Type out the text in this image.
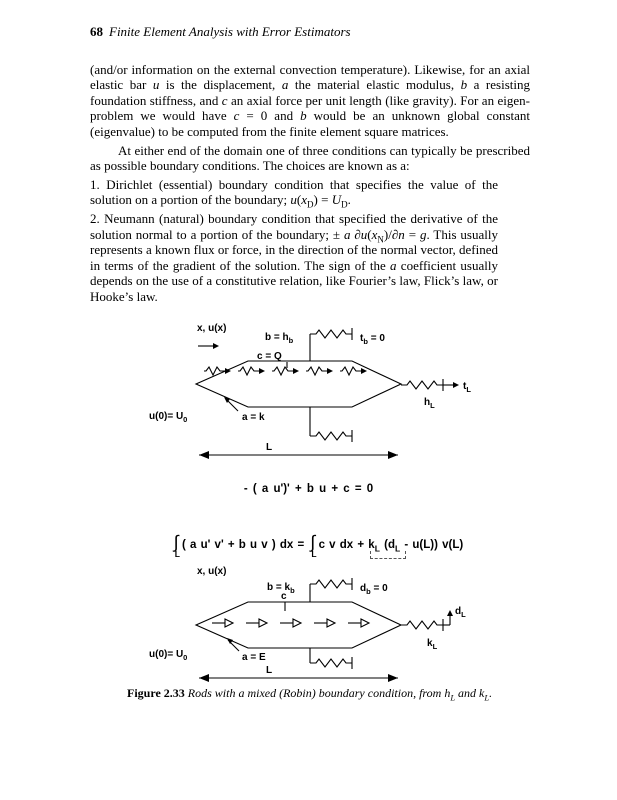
68 Finite Element Analysis with Error Estimators

(and/or information on the external convection temperature). Likewise, for an axial elastic bar u is the displacement, a the material elastic modulus, b a resisting foundation stiffness, and c an axial force per unit length (like gravity). For an eigen-problem we would have c = 0 and b would be an unknown global constant (eigenvalue) to be computed from the finite element square matrices.

At either end of the domain one of three conditions can typically be prescribed as possible boundary conditions. The choices are known as a:

1. Dirichlet (essential) boundary condition that specifies the value of the solution on a portion of the boundary; $u(x_D) = U_D$.

2. Neumann (natural) boundary condition that specified the derivative of the solution normal to a portion of the boundary; ± a $\partial u(x_N)/\partial n = g$. This usually represents a known flux or force, in the direction of the normal vector, defined in terms of the gradient of the solution. The sign of the a coefficient usually depends on the use of a constitutive relation, like Fourier’s law, Flick’s law, or Hooke’s law.

x, u(x)
$b = h_b$	$t_b = 0$
c = Q
$t_L$
$h_L$
$u(0)= U_0$	a = k
L
- ( a u')' + b u + c = 0
∫
L
( a u' v' + b u v ) dx = ∫
L
c v dx + $k_L$ ($d_L$
- u(L)) v(L)
x, u(x)
$b = k_b$	$d_b = 0$
c
$d_L$
$k_L$
$u(0)= U_0$	a = E
L
Figure 2.33 Rods with a mixed (Robin) boundary condition, from $h_L$ and $k_L$.
